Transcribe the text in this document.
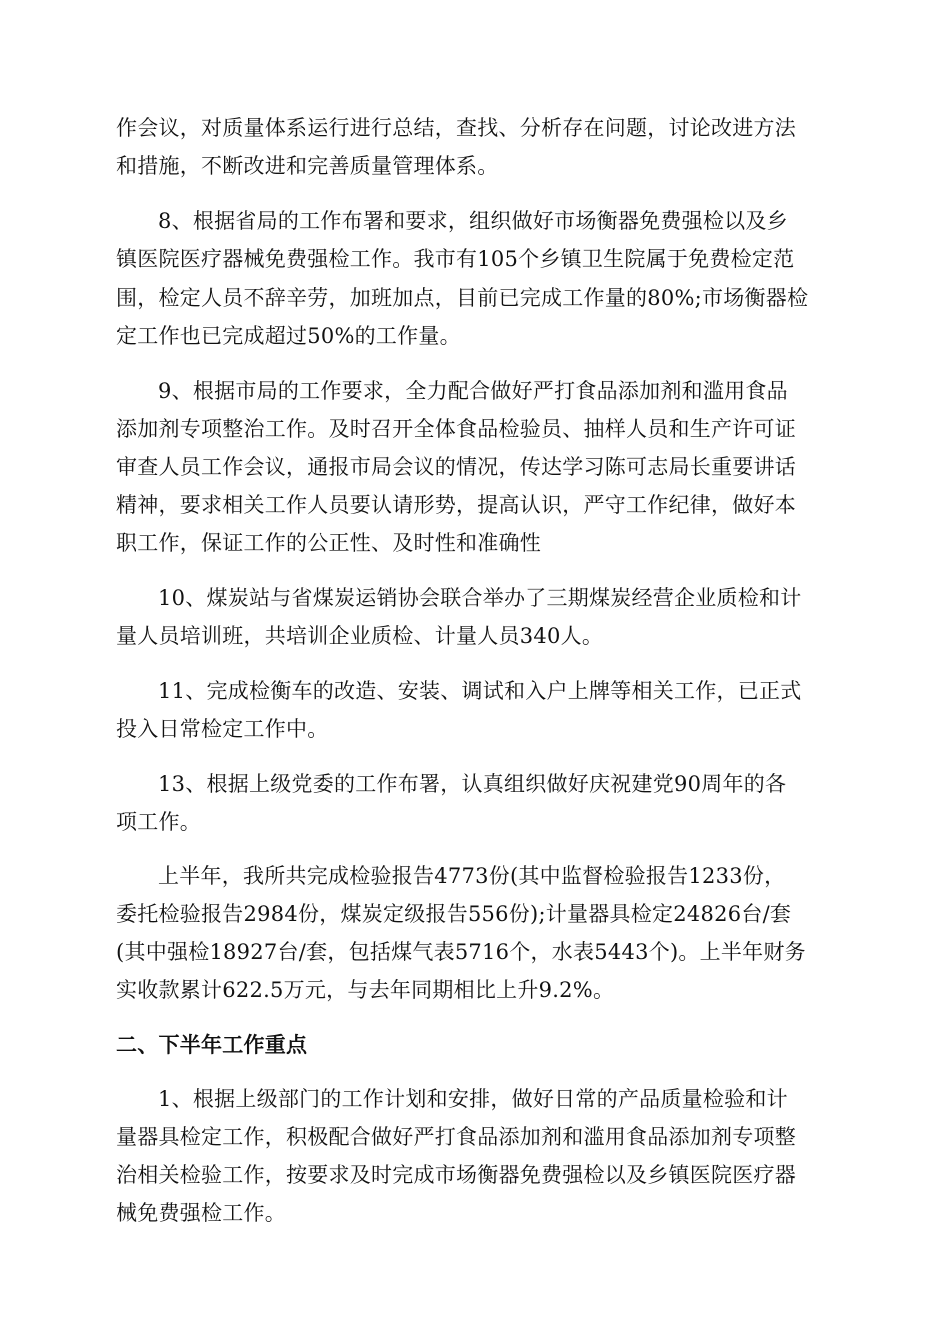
作会议，对质量体系运行进行总结，查找、分析存在问题，讨论改进方法
和措施，不断改进和完善质量管理体系。
8、根据省局的工作布署和要求，组织做好市场衡器免费强检以及乡
镇医院医疗器械免费强检工作。我市有105个乡镇卫生院属于免费检定范
围，检定人员不辞辛劳，加班加点，目前已完成工作量的80%;市场衡器检
定工作也已完成超过50%的工作量。
9、根据市局的工作要求，全力配合做好严打食品添加剂和滥用食品
添加剂专项整治工作。及时召开全体食品检验员、抽样人员和生产许可证
审查人员工作会议，通报市局会议的情况，传达学习陈可志局长重要讲话
精神，要求相关工作人员要认请形势，提高认识，严守工作纪律，做好本
职工作，保证工作的公正性、及时性和准确性
10、煤炭站与省煤炭运销协会联合举办了三期煤炭经营企业质检和计
量人员培训班，共培训企业质检、计量人员340人。
11、完成检衡车的改造、安装、调试和入户上牌等相关工作，已正式
投入日常检定工作中。
13、根据上级党委的工作布署，认真组织做好庆祝建党90周年的各
项工作。
上半年，我所共完成检验报告4773份(其中监督检验报告1233份，
委托检验报告2984份，煤炭定级报告556份);计量器具检定24826台/套
(其中强检18927台/套，包括煤气表5716个，水表5443个)。上半年财务
实收款累计622.5万元，与去年同期相比上升9.2%。
二、下半年工作重点
1、根据上级部门的工作计划和安排，做好日常的产品质量检验和计
量器具检定工作，积极配合做好严打食品添加剂和滥用食品添加剂专项整
治相关检验工作，按要求及时完成市场衡器免费强检以及乡镇医院医疗器
械免费强检工作。
